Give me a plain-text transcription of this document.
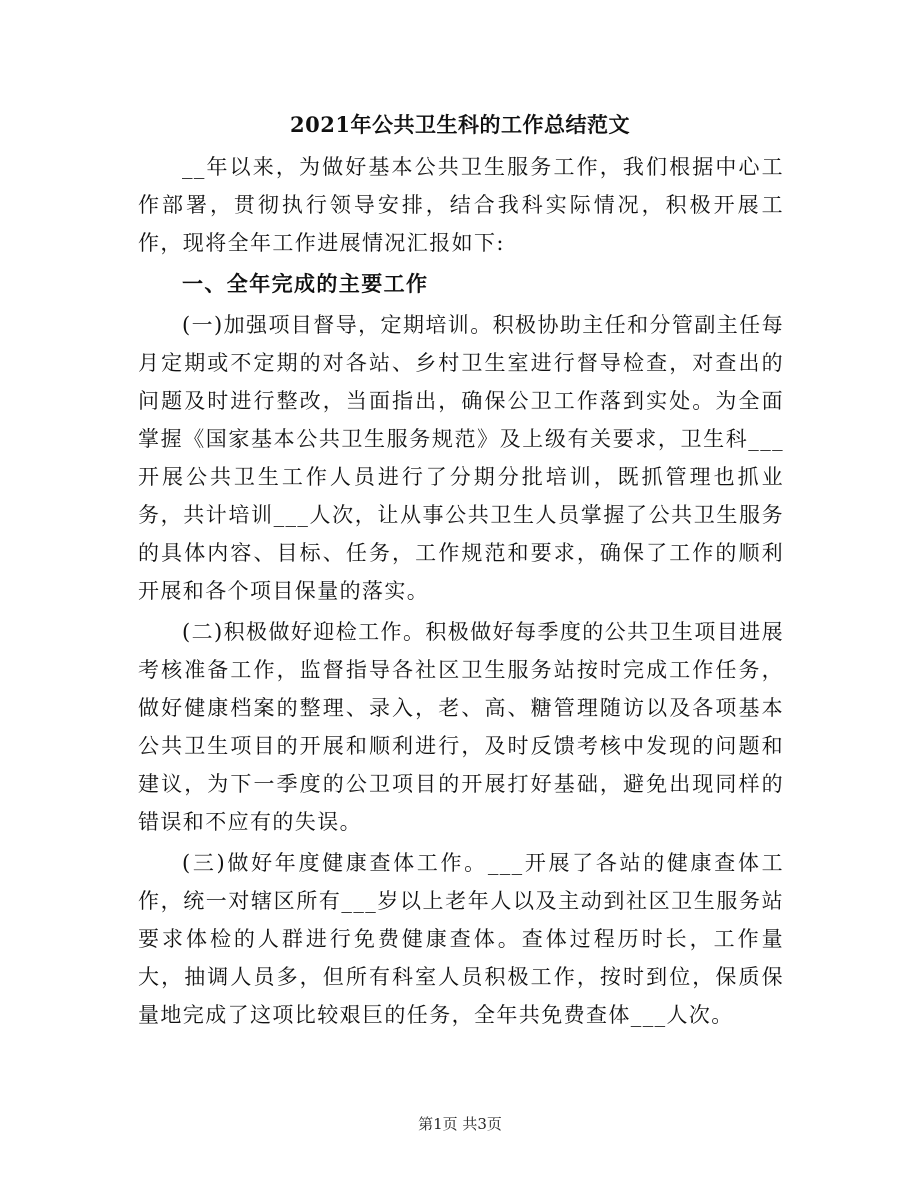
2021年公共卫生科的工作总结范文

__年以来，为做好基本公共卫生服务工作，我们根据中心工作部署，贯彻执行领导安排，结合我科实际情况，积极开展工作，现将全年工作进展情况汇报如下:

一、全年完成的主要工作

(一)加强项目督导，定期培训。积极协助主任和分管副主任每月定期或不定期的对各站、乡村卫生室进行督导检查，对查出的问题及时进行整改，当面指出，确保公卫工作落到实处。为全面掌握《国家基本公共卫生服务规范》及上级有关要求，卫生科___开展公共卫生工作人员进行了分期分批培训，既抓管理也抓业务，共计培训___人次，让从事公共卫生人员掌握了公共卫生服务的具体内容、目标、任务，工作规范和要求，确保了工作的顺利开展和各个项目保量的落实。

(二)积极做好迎检工作。积极做好每季度的公共卫生项目进展考核准备工作，监督指导各社区卫生服务站按时完成工作任务，做好健康档案的整理、录入，老、高、糖管理随访以及各项基本公共卫生项目的开展和顺利进行，及时反馈考核中发现的问题和建议，为下一季度的公卫项目的开展打好基础，避免出现同样的错误和不应有的失误。

(三)做好年度健康查体工作。___开展了各站的健康查体工作，统一对辖区所有___岁以上老年人以及主动到社区卫生服务站要求体检的人群进行免费健康查体。查体过程历时长，工作量大，抽调人员多，但所有科室人员积极工作，按时到位，保质保量地完成了这项比较艰巨的任务，全年共免费查体___人次。

第1页 共3页
